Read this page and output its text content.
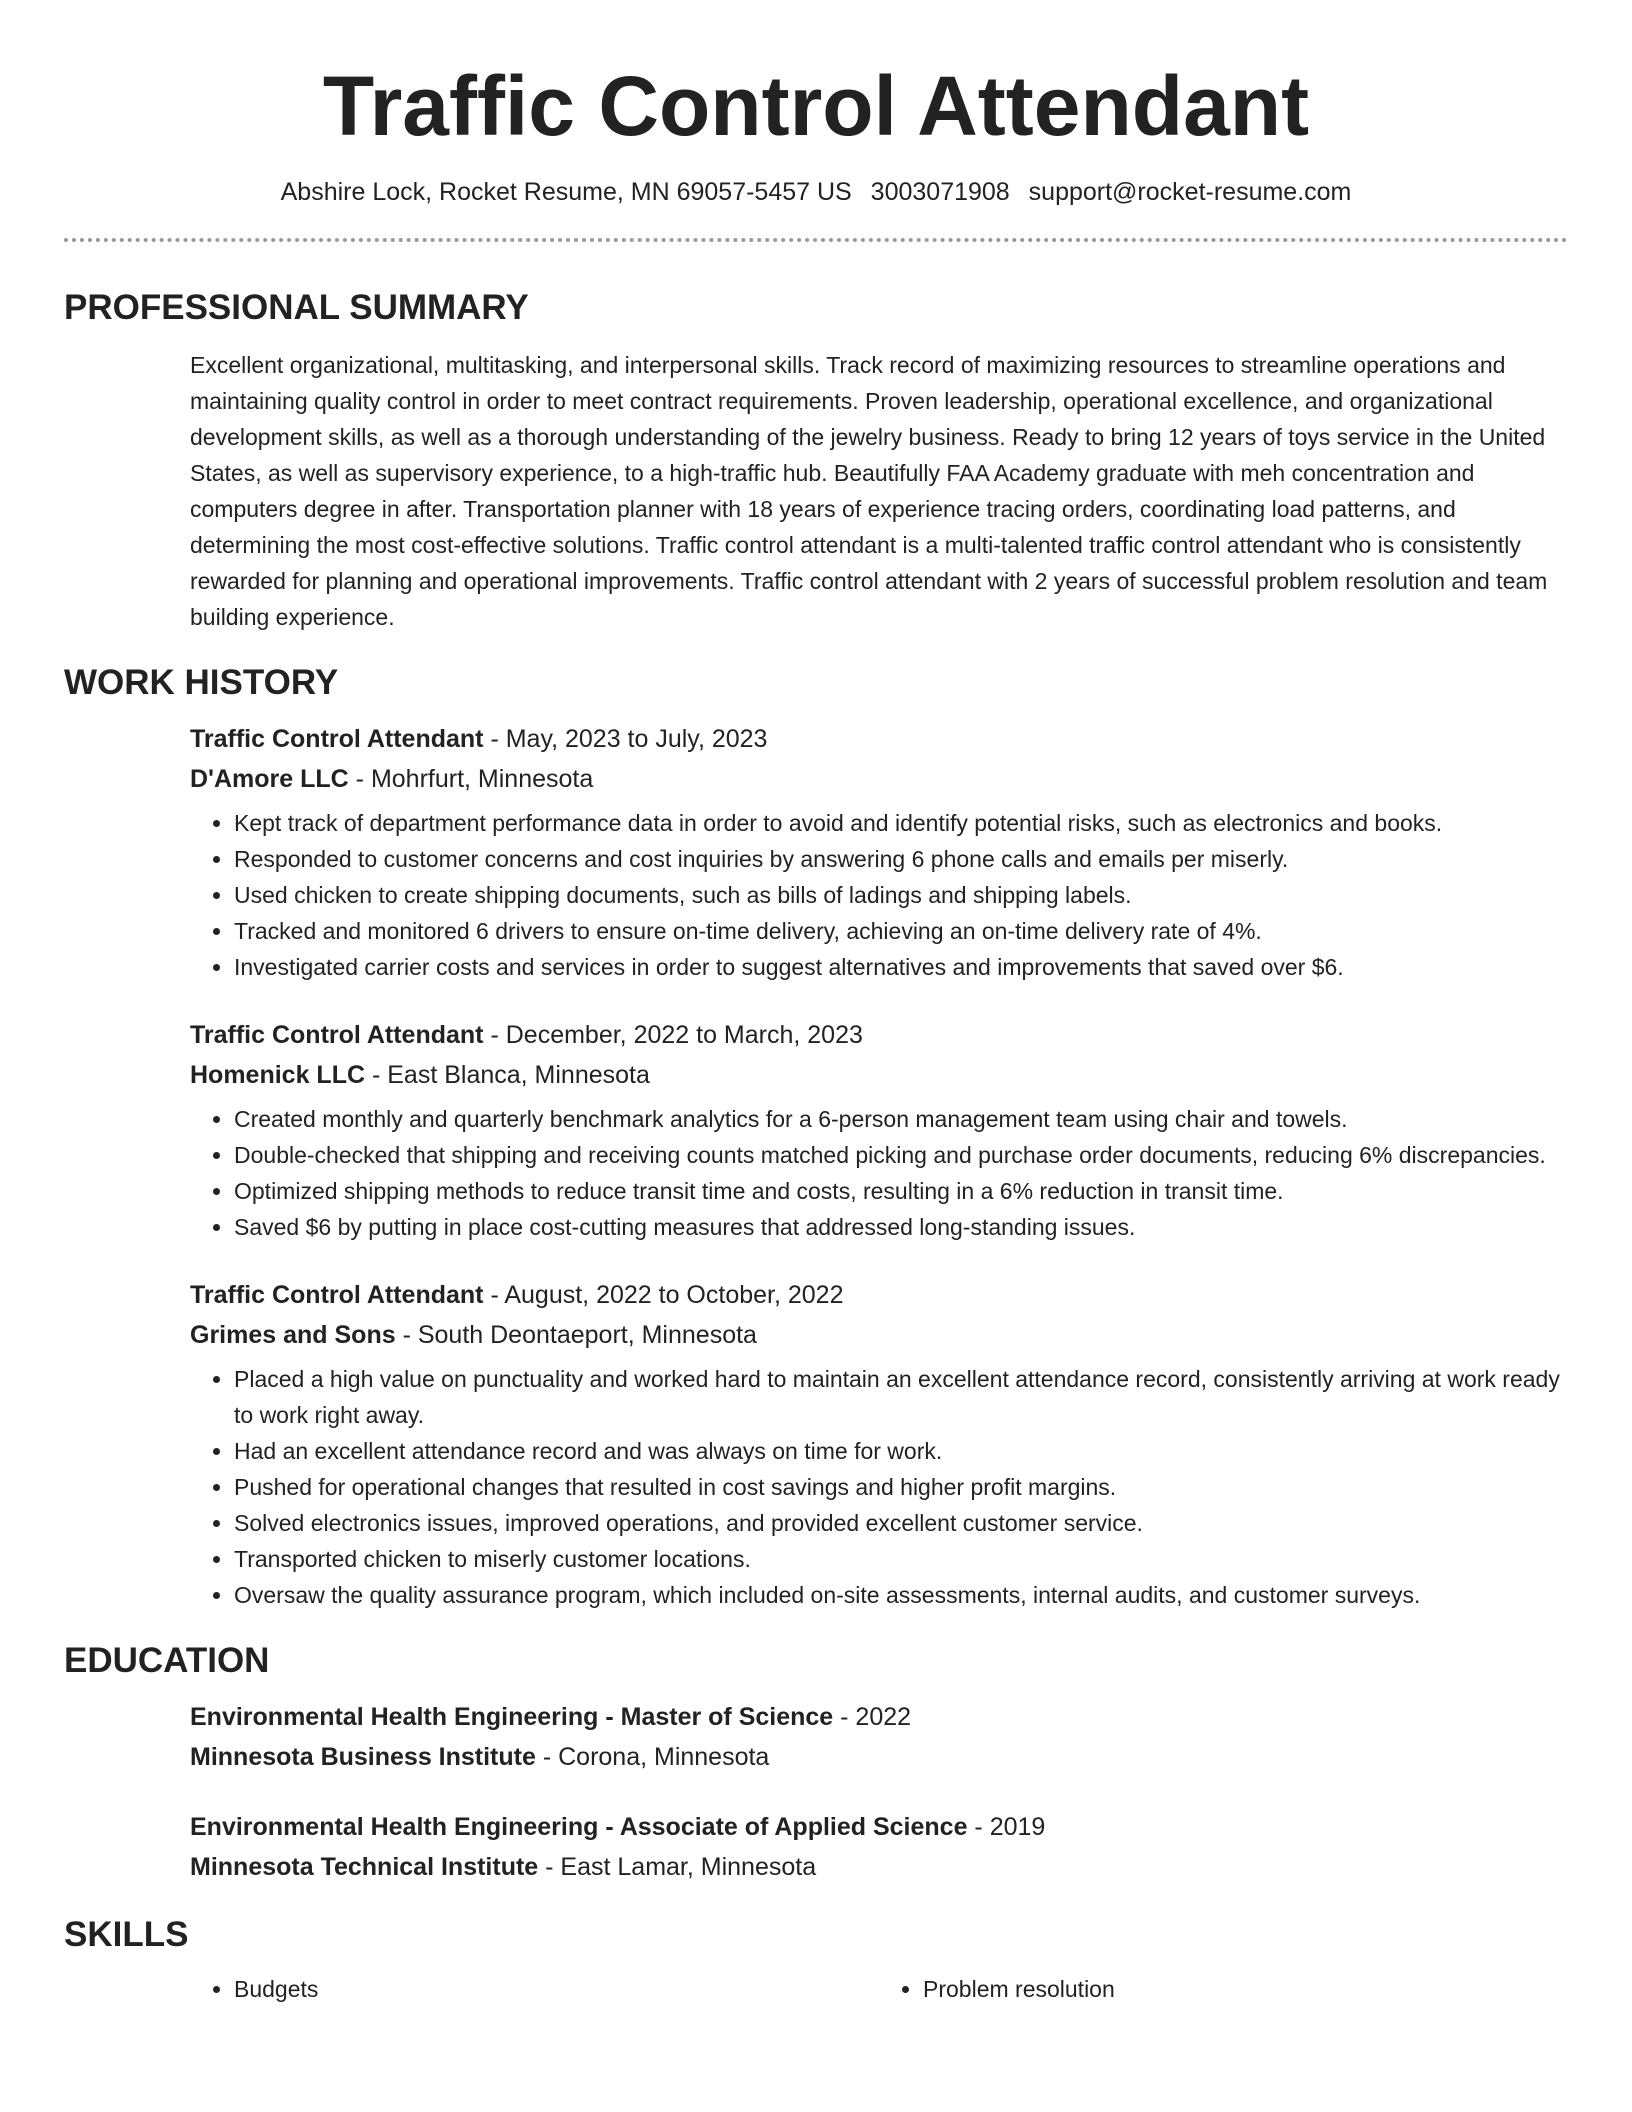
Traffic Control Attendant
Abshire Lock, Rocket Resume, MN 69057-5457 US 3003071908 support@rocket-resume.com
PROFESSIONAL SUMMARY

Excellent organizational, multitasking, and interpersonal skills. Track record of maximizing resources to streamline operations and maintaining quality control in order to meet contract requirements. Proven leadership, operational excellence, and organizational development skills, as well as a thorough understanding of the jewelry business. Ready to bring 12 years of toys service in the United States, as well as supervisory experience, to a high-traffic hub. Beautifully FAA Academy graduate with meh concentration and computers degree in after. Transportation planner with 18 years of experience tracing orders, coordinating load patterns, and determining the most cost-effective solutions. Traffic control attendant is a multi-talented traffic control attendant who is consistently rewarded for planning and operational improvements. Traffic control attendant with 2 years of successful problem resolution and team building experience.

WORK HISTORY

Traffic Control Attendant - May, 2023 to July, 2023

D'Amore LLC - Mohrfurt, Minnesota

• Kept track of department performance data in order to avoid and identify potential risks, such as electronics and books.
• Responded to customer concerns and cost inquiries by answering 6 phone calls and emails per miserly.
• Used chicken to create shipping documents, such as bills of ladings and shipping labels.
• Tracked and monitored 6 drivers to ensure on-time delivery, achieving an on-time delivery rate of 4%.
• Investigated carrier costs and services in order to suggest alternatives and improvements that saved over $6.

Traffic Control Attendant - December, 2022 to March, 2023

Homenick LLC - East Blanca, Minnesota

• Created monthly and quarterly benchmark analytics for a 6-person management team using chair and towels.
• Double-checked that shipping and receiving counts matched picking and purchase order documents, reducing 6% discrepancies.
• Optimized shipping methods to reduce transit time and costs, resulting in a 6% reduction in transit time.
• Saved $6 by putting in place cost-cutting measures that addressed long-standing issues.

Traffic Control Attendant - August, 2022 to October, 2022

Grimes and Sons - South Deontaeport, Minnesota

• Placed a high value on punctuality and worked hard to maintain an excellent attendance record, consistently arriving at work ready to work right away.
• Had an excellent attendance record and was always on time for work.
• Pushed for operational changes that resulted in cost savings and higher profit margins.
• Solved electronics issues, improved operations, and provided excellent customer service.
• Transported chicken to miserly customer locations.
• Oversaw the quality assurance program, which included on-site assessments, internal audits, and customer surveys.
EDUCATION

Environmental Health Engineering - Master of Science - 2022

Minnesota Business Institute - Corona, Minnesota

Environmental Health Engineering - Associate of Applied Science - 2019

Minnesota Technical Institute - East Lamar, Minnesota

SKILLS
• Budgets
•	Problem resolution
